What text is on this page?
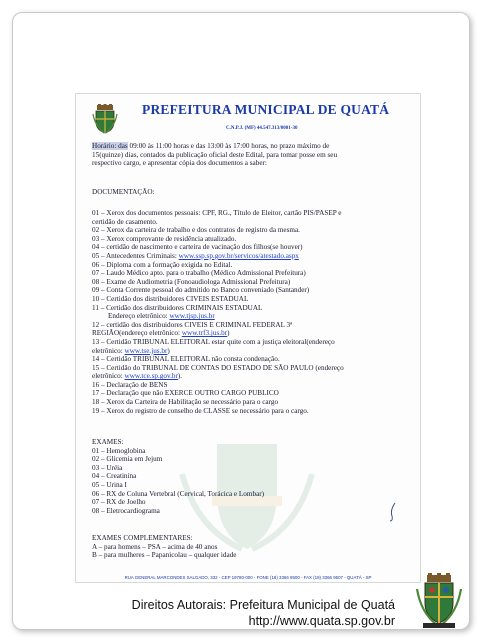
PREFEITURA MUNICIPAL DE QUATÁ
C.N.P.J. (MF) 44.547.313/0001-30
Horário: das 09:00 às 11:00 horas e das 13:00 às 17:00 horas, no prazo máximo de
15(quinze) dias, contados da publicação oficial deste Edital, para tomar posse em seu
respectivo cargo, e apresentar cópia dos documentos a saber:
DOCUMENTAÇÃO:
01 – Xerox dos documentos pessoais: CPF, RG., Título de Eleitor, cartão PIS/PASEP e
certidão de casamento.
02 – Xerox da carteira de trabalho e dos contratos de registro da mesma.
03 – Xerox comprovante de residência atualizado.
04 – certidão de nascimento e carteira de vacinação dos filhos(se houver)
05 – Antecedentes Criminais: www.ssp.sp.gov.br/servicos/atestado.aspx
06 – Diploma com a formação exigida no Edital.
07 – Laudo Médico apto. para o trabalho (Médico Admissional Prefeitura)
08 – Exame de Audiometria (Fonoaudiologa Admissional Prefeitura)
09 – Conta Corrente pessoal do admitido no Banco conveniado (Santander)
10 – Certidão dos distribuidores CIVEIS ESTADUAL
11 – Certidão dos distribuidores CRIMINAIS ESTADUAL
Endereço eletrônico: www.tjsp.jus.br
12 – certidão dos distribuidores CIVEIS E CRIMINAL FEDERAL 3ª
REGIÃO(endereço eletrônico: www.trf3.jus.br)
13 – Certidão TRIBUNAL ELEITORAL estar quite com a justiça eleitoral(endereço
eletrônico: www.tse.jus.br)
14 – Certidão TRIBUNAL ELEITORAL não consta condenação.
15 – Certidão do TRIBUNAL DE CONTAS DO ESTADO DE SÃO PAULO (endereço
eletrônico: www.tce.sp.gov.br).
16 – Declaração de BENS
17 – Declaração que não EXERCE OUTRO CARGO PUBLICO
18 – Xerox da Carteira de Habilitação se necessário para o cargo
19 – Xerox do registro de conselho de CLASSE se necessário para o cargo.
EXAMES:
01 – Hemoglobina
02 – Glicemia em Jejum
03 – Uréia
04 – Creatinina
05 – Urina I
06 – RX de Coluna Vertebral (Cervical, Torácica e Lombar)
07 – RX de Joelho
08 – Eletrocardiograma
EXAMES COMPLEMENTARES:
A – para homens – PSA – acima de 40 anos
B – para mulheres – Papanicolau – qualquer idade
RUA GENERAL MARCONDES SALGADO, 332 - CEP 19780-000 - FONE (18) 3366 9500 - FAX (18) 3366 9507 - QUATÁ - SP
Direitos Autorais: Prefeitura Municipal de Quatá
http://www.quata.sp.gov.br
